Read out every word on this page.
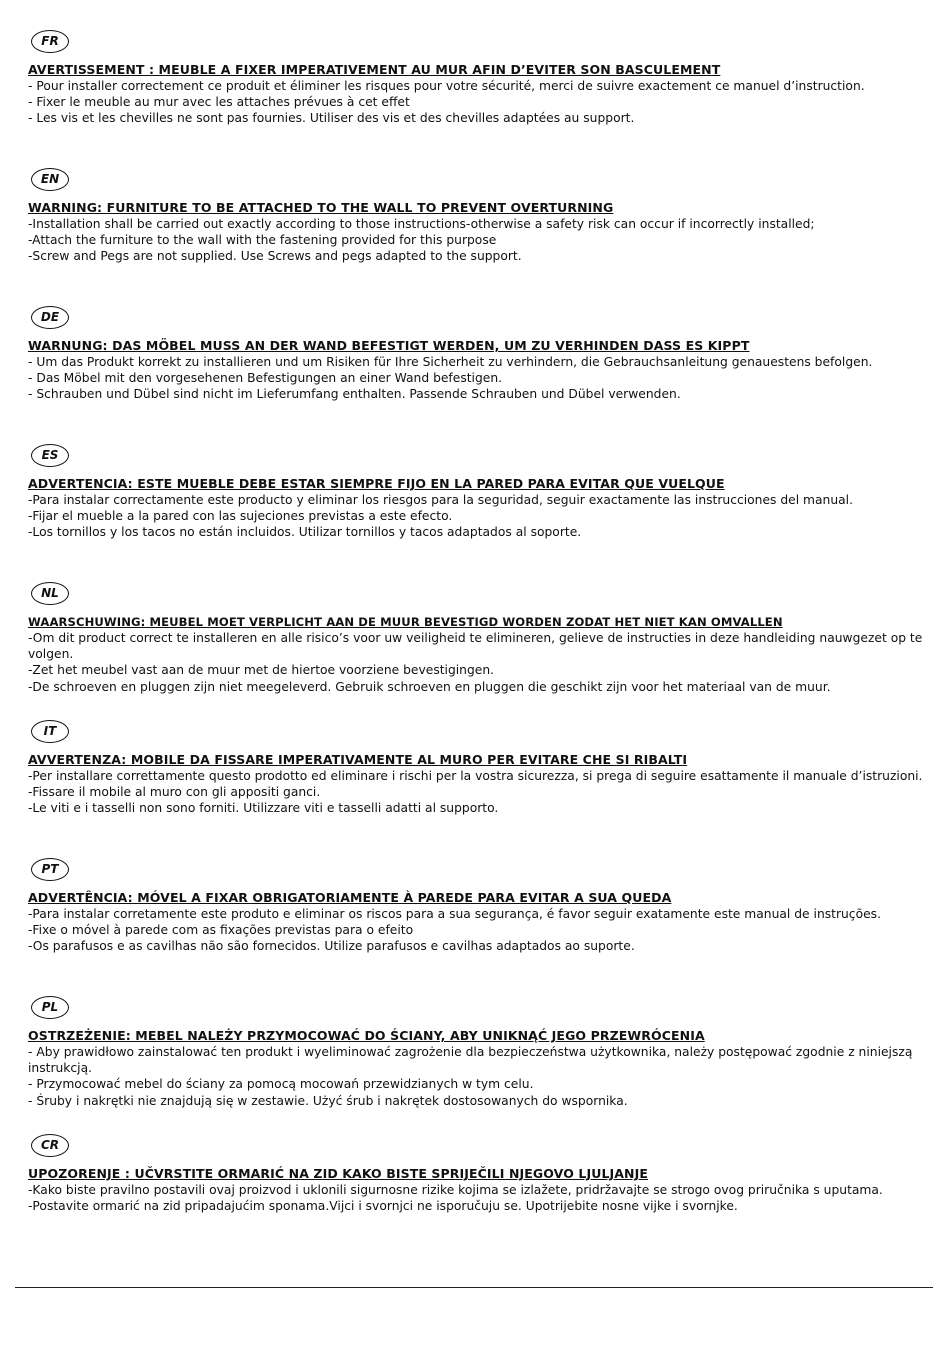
FR
AVERTISSEMENT : MEUBLE A FIXER IMPERATIVEMENT AU MUR AFIN D’EVITER SON BASCULEMENT
- Pour installer correctement ce produit et éliminer les risques pour votre sécurité, merci de suivre exactement ce manuel d’instruction.
- Fixer le meuble au mur avec les attaches prévues à cet effet
- Les vis et les chevilles ne sont pas fournies. Utiliser des vis et des chevilles adaptées au support.
EN
WARNING: FURNITURE TO BE ATTACHED TO THE WALL TO PREVENT OVERTURNING
-Installation shall be carried out exactly according to those instructions-otherwise a safety risk can occur if incorrectly installed;
-Attach the furniture to the wall with the fastening provided for this purpose
-Screw and Pegs are not supplied. Use Screws and pegs adapted to the support.
DE
WARNUNG: DAS MÖBEL MUSS AN DER WAND BEFESTIGT WERDEN, UM ZU VERHINDEN DASS ES KIPPT
- Um das Produkt korrekt zu installieren und um Risiken für Ihre Sicherheit zu verhindern, die Gebrauchsanleitung genauestens befolgen.
- Das Möbel mit den vorgesehenen Befestigungen an einer Wand befestigen.
- Schrauben und Dübel sind nicht im Lieferumfang enthalten. Passende Schrauben und Dübel verwenden.
ES
ADVERTENCIA: ESTE MUEBLE DEBE ESTAR SIEMPRE FIJO EN LA PARED PARA EVITAR QUE VUELQUE
-Para instalar correctamente este producto y eliminar los riesgos para la seguridad, seguir exactamente las instrucciones del manual.
-Fijar el mueble a la pared con las sujeciones previstas a este efecto.
-Los tornillos y los tacos no están incluidos. Utilizar tornillos y tacos adaptados al soporte.
NL
WAARSCHUWING: MEUBEL MOET VERPLICHT AAN DE MUUR BEVESTIGD WORDEN ZODAT HET NIET KAN OMVALLEN
-Om dit product correct te installeren en alle risico’s voor uw veiligheid te elimineren, gelieve de instructies in deze handleiding nauwgezet op te volgen.
-Zet het meubel vast aan de muur met de hiertoe voorziene bevestigingen.
-De schroeven en pluggen zijn niet meegeleverd. Gebruik schroeven en pluggen die geschikt zijn voor het materiaal van de muur.
IT
AVVERTENZA: MOBILE DA FISSARE IMPERATIVAMENTE AL MURO PER EVITARE CHE SI RIBALTI
-Per installare correttamente questo prodotto ed eliminare i rischi per la vostra sicurezza, si prega di seguire esattamente il manuale d’istruzioni.
-Fissare il mobile al muro con gli appositi ganci.
-Le viti e i tasselli non sono forniti. Utilizzare viti e tasselli adatti al supporto.
PT
ADVERTÊNCIA: MÓVEL A FIXAR OBRIGATORIAMENTE À PAREDE PARA EVITAR A SUA QUEDA
-Para instalar corretamente este produto e eliminar os riscos para a sua segurança, é favor seguir exatamente este manual de instruções.
-Fixe o móvel à parede com as fixações previstas para o efeito
-Os parafusos e as cavilhas não são fornecidos. Utilize parafusos e cavilhas adaptados ao suporte.
PL
OSTRZEŻENIE: MEBEL NALEŻY PRZYMOCOWAĆ DO ŚCIANY, ABY UNIKNĄĆ JEGO PRZEWRÓCENIA
- Aby prawidłowo zainstalować ten produkt i wyeliminować zagrożenie dla bezpieczeństwa użytkownika, należy postępować zgodnie z niniejszą instrukcją.
- Przymocować mebel do ściany za pomocą mocowań przewidzianych w tym celu.
- Śruby i nakrętki nie znajdują się w zestawie. Użyć śrub i nakrętek dostosowanych do wspornika.
CR
UPOZORENJE : UČVRSTITE ORMARIĆ NA ZID KAKO BISTE SPRIJEČILI NJEGOVO LJULJANJE
-Kako biste pravilno postavili ovaj proizvod i uklonili sigurnosne rizike kojima se izlažete, pridržavajte se strogo ovog priručnika s uputama.
-Postavite ormarić na zid pripadajućim sponama.Vijci i svornjci ne isporučuju se. Upotrijebite nosne vijke i svornjke.
